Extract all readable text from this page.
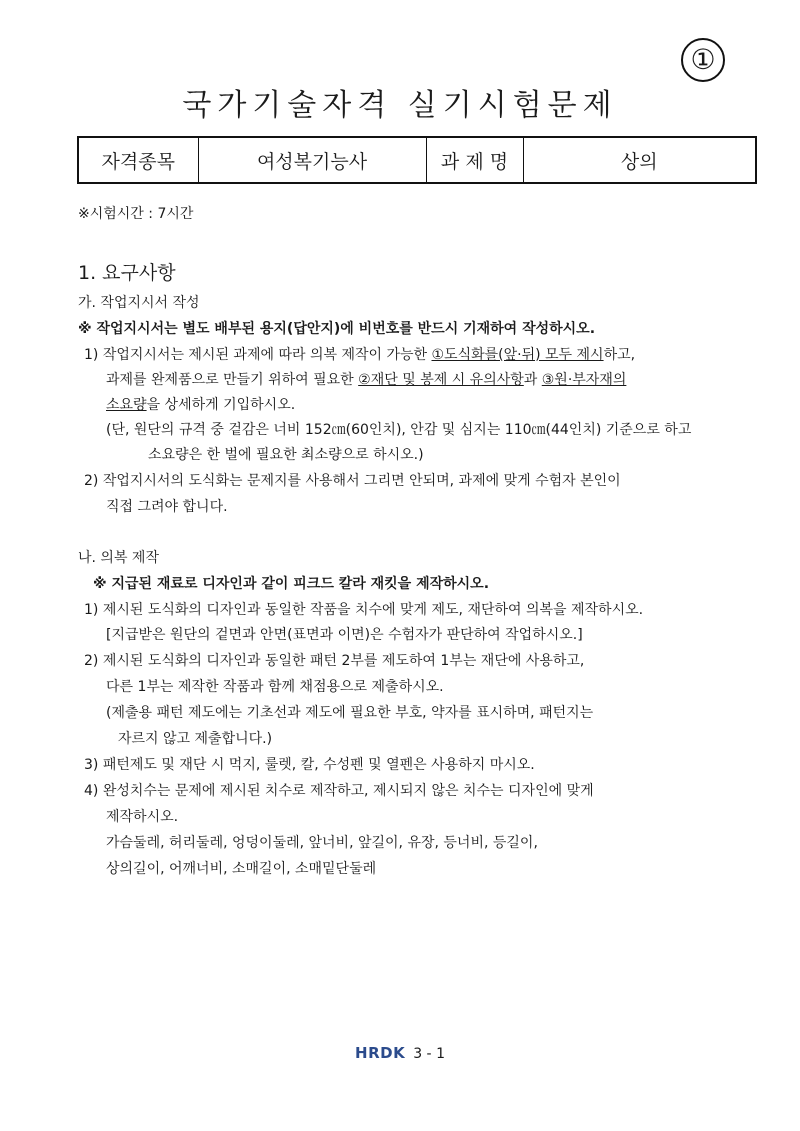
①
국가기술자격 실기시험문제
자격종목	여성복기능사	과 제 명	상의
※시험시간 : 7시간
1. 요구사항
가. 작업지시서 작성
※ 작업지시서는 별도 배부된 용지(답안지)에 비번호를 반드시 기재하여 작성하시오.
1) 작업지시서는 제시된 과제에 따라 의복 제작이 가능한 ①도식화를(앞·뒤) 모두 제시하고,
과제를 완제품으로 만들기 위하여 필요한 ②재단 및 봉제 시 유의사항과 ③원·부자재의
소요량을 상세하게 기입하시오.
(단, 원단의 규격 중 겉감은 너비 152㎝(60인치), 안감 및 심지는 110㎝(44인치) 기준으로 하고
소요량은 한 벌에 필요한 최소량으로 하시오.)
2) 작업지시서의 도식화는 문제지를 사용해서 그리면 안되며, 과제에 맞게 수험자 본인이
직접 그려야 합니다.
나. 의복 제작
※ 지급된 재료로 디자인과 같이 피크드 칼라 재킷을 제작하시오.
1) 제시된 도식화의 디자인과 동일한 작품을 치수에 맞게 제도, 재단하여 의복을 제작하시오.
[지급받은 원단의 겉면과 안면(표면과 이면)은 수험자가 판단하여 작업하시오.]
2) 제시된 도식화의 디자인과 동일한 패턴 2부를 제도하여 1부는 재단에 사용하고,
다른 1부는 제작한 작품과 함께 채점용으로 제출하시오.
(제출용 패턴 제도에는 기초선과 제도에 필요한 부호, 약자를 표시하며, 패턴지는
자르지 않고 제출합니다.)
3) 패턴제도 및 재단 시 먹지, 룰렛, 칼, 수성펜 및 열펜은 사용하지 마시오.
4) 완성치수는 문제에 제시된 치수로 제작하고, 제시되지 않은 치수는 디자인에 맞게
제작하시오.
가슴둘레, 허리둘레, 엉덩이둘레, 앞너비, 앞길이, 유장, 등너비, 등길이,
상의길이, 어깨너비, 소매길이, 소매밑단둘레
HRDK 3 - 1
